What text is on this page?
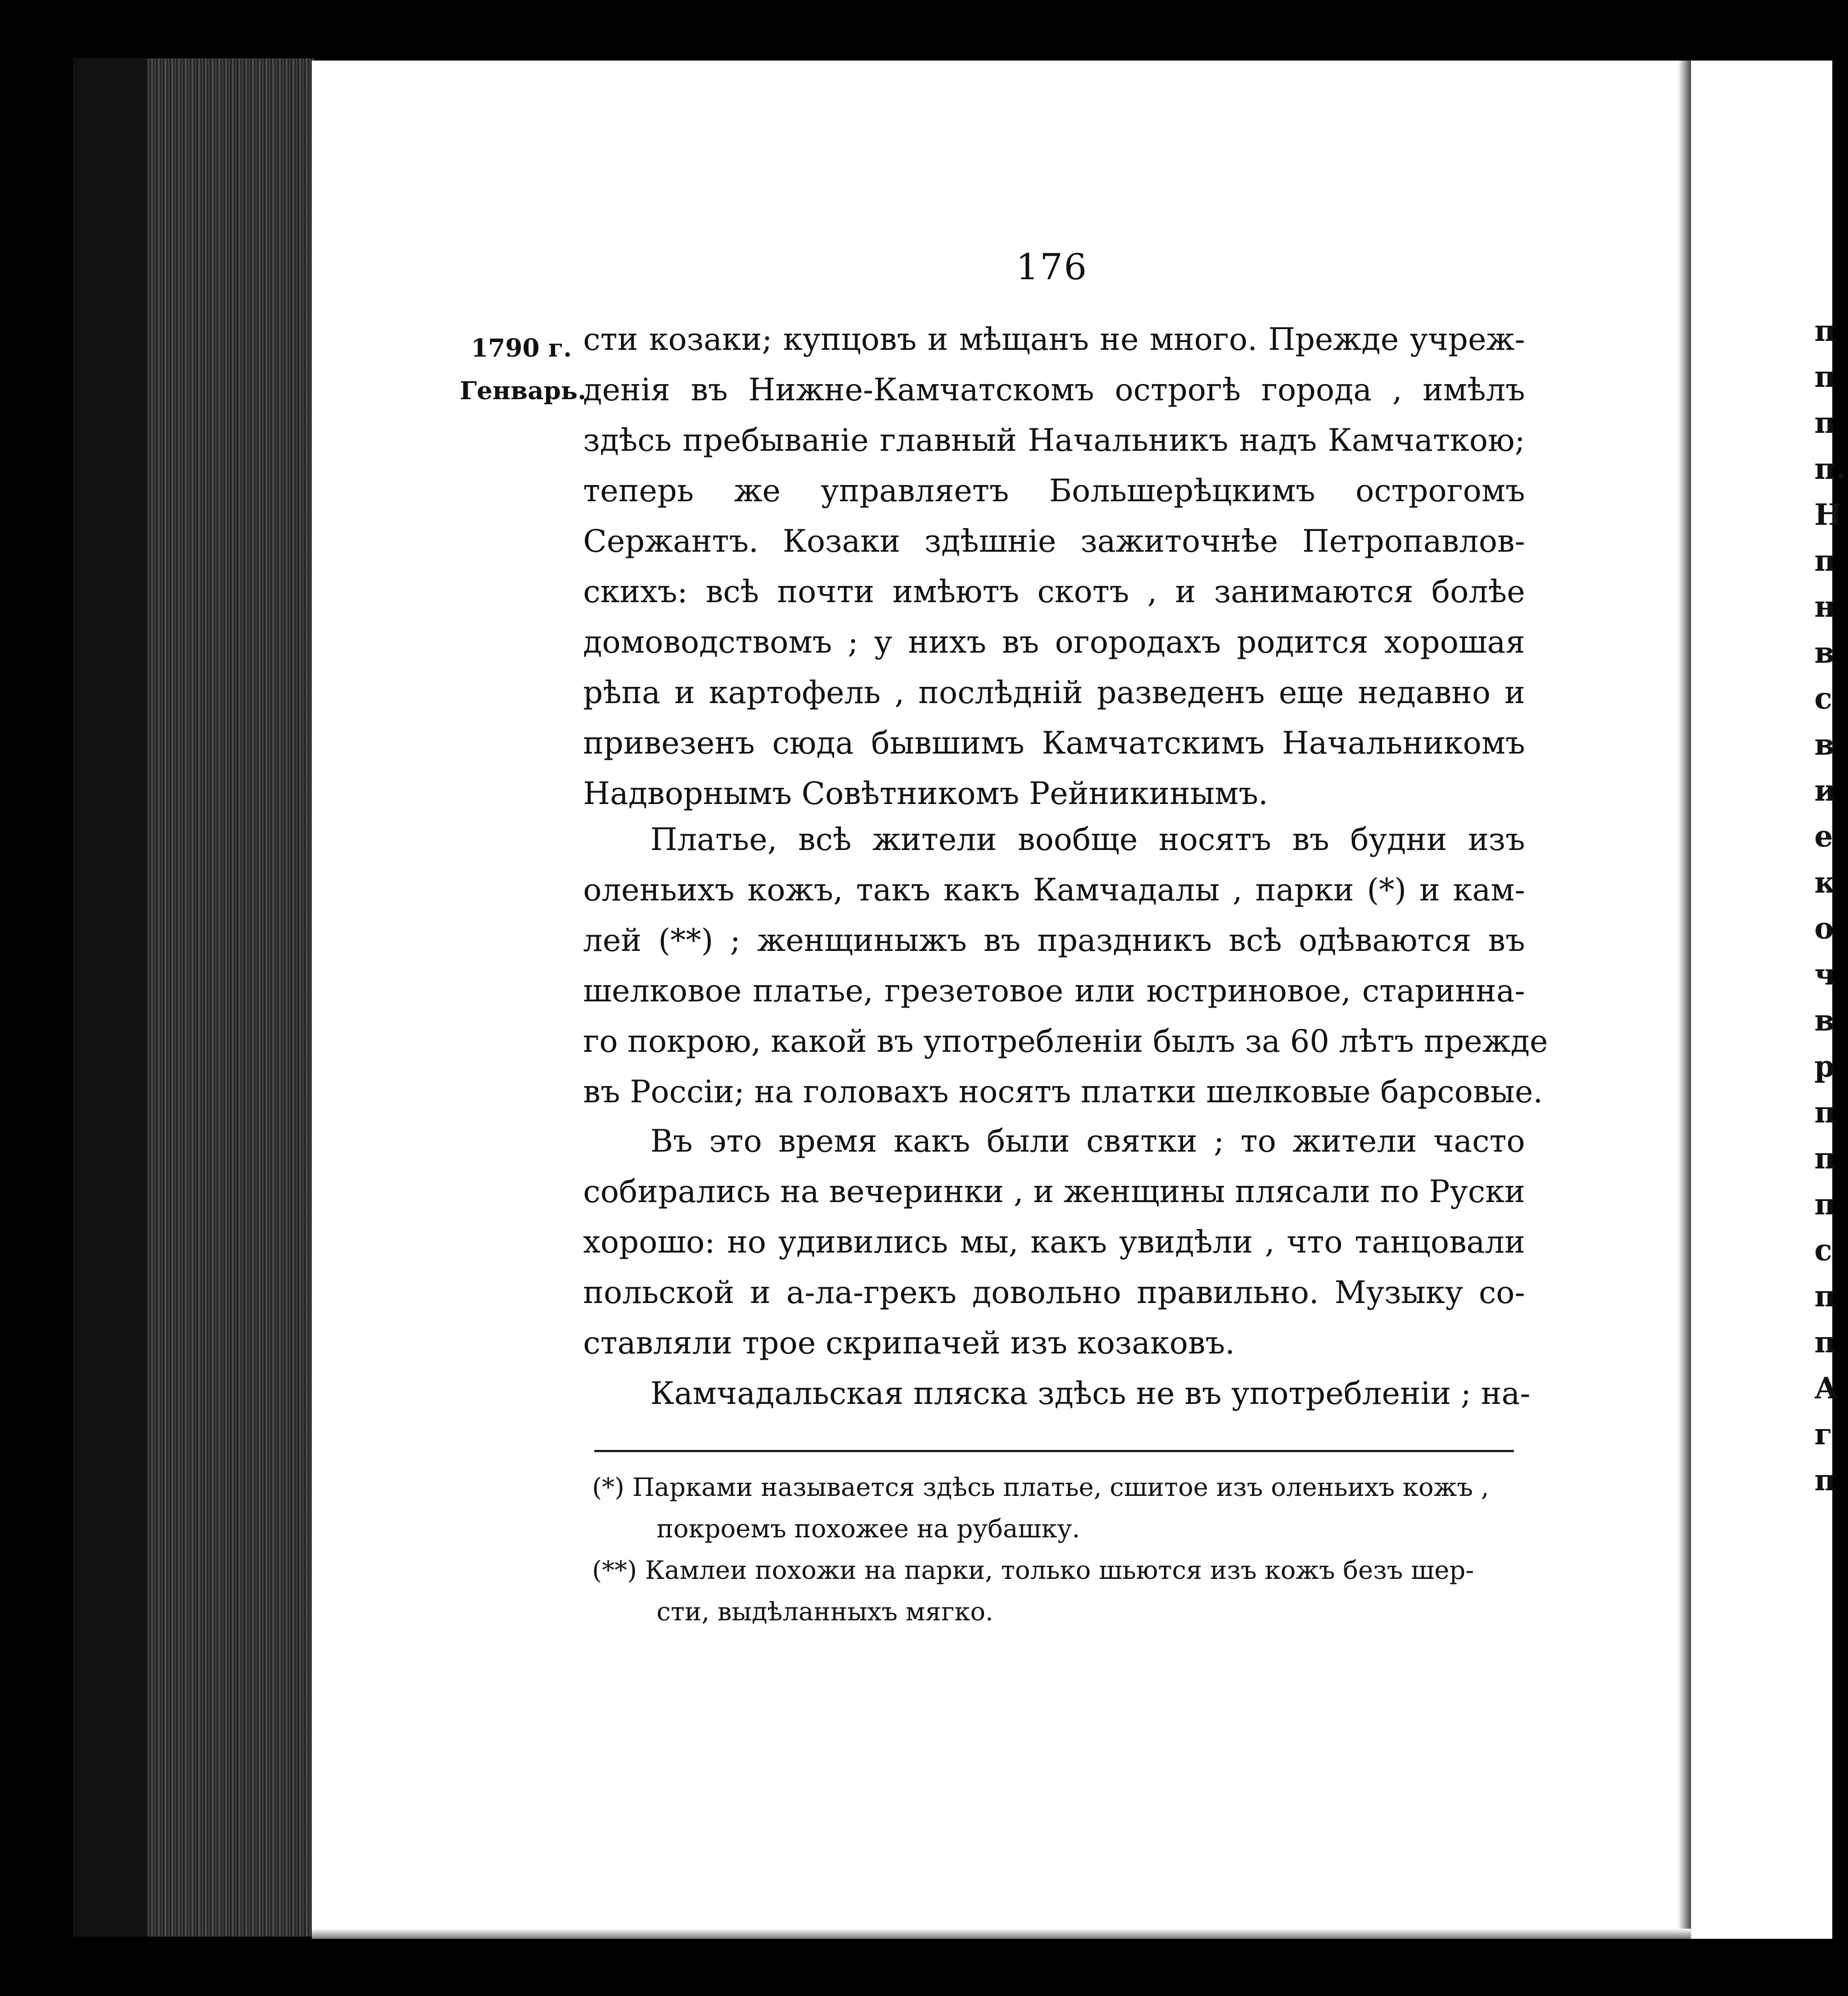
176
1790 г.
Генварь.
сти козаки; купцовъ и мѣщанъ не много. Прежде учреж-
денія въ Нижне-Камчатскомъ острогѣ города , имѣлъ
здѣсь пребываніе главный Начальникъ надъ Камчаткою;
теперь же управляетъ Большерѣцкимъ острогомъ
Сержантъ. Козаки здѣшніе зажиточнѣе Петропавлов-
скихъ: всѣ почти имѣютъ скотъ , и занимаются болѣе
домоводствомъ ; у нихъ въ огородахъ родится хорошая
рѣпа и картофель , послѣдній разведенъ еще недавно и
привезенъ сюда бывшимъ Камчатскимъ Начальникомъ
Надворнымъ Совѣтникомъ Рейникинымъ.
Платье, всѣ жители вообще носятъ въ будни изъ
оленьихъ кожъ, такъ какъ Камчадалы , парки (*) и кам-
лей (**) ; женщиныжъ въ праздникъ всѣ одѣваются въ
шелковое платье, грезетовое или юстриновое, старинна-
го покрою, какой въ употребленіи былъ за 60 лѣтъ прежде
въ Россіи; на головахъ носятъ платки шелковые барсовые.
Въ это время какъ были святки ; то жители часто
собирались на вечеринки , и женщины плясали по Руски
хорошо: но удивились мы, какъ увидѣли , что танцовали
польской и а-ла-грекъ довольно правильно. Музыку со-
ставляли трое скрипачей изъ козаковъ.
Камчадальская пляска здѣсь не въ употребленіи ; на-
(*) Парками называется здѣсь платье, сшитое изъ оленьихъ кожъ ,
покроемъ похожее на рубашку.
(**) Камлеи похожи на парки, только шьются изъ кожъ безъ шер-
сти, выдѣланныхъ мягко.
п
п
п
п.
Н
п
н
в
с
в
и
е
к
о
ч
в
р
п
п
п
с
п
п
А
г
п
